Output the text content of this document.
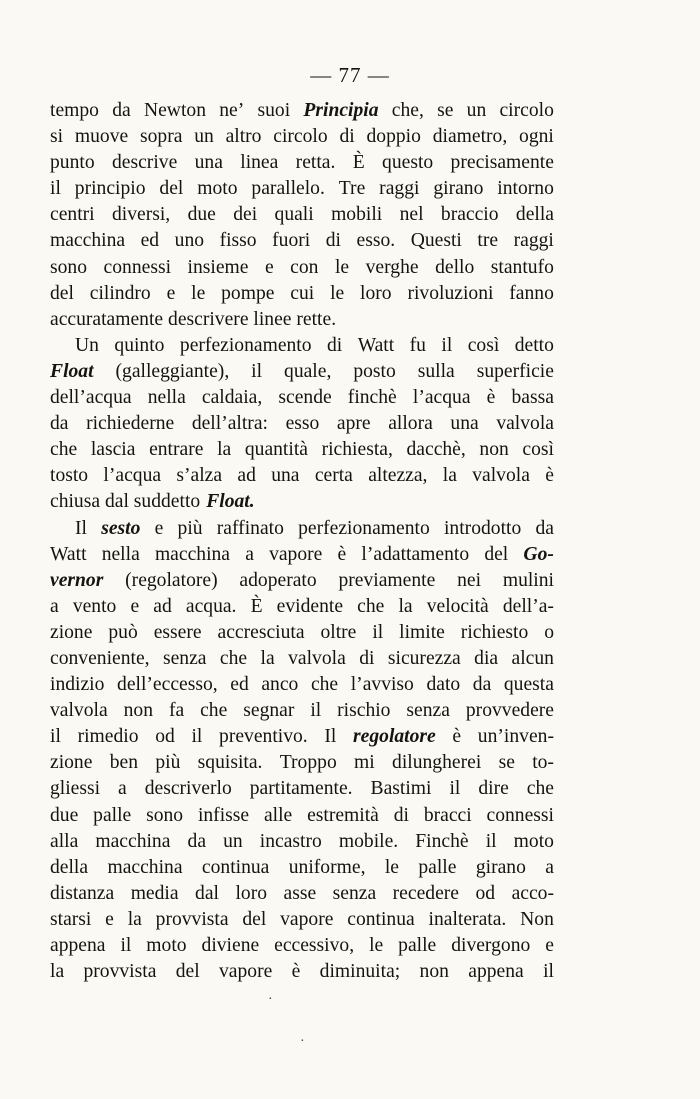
— 77 —
tempo da Newton ne’ suoi Principia che, se un circolo
si muove sopra un altro circolo di doppio diametro, ogni
punto descrive una linea retta. È questo precisamente
il principio del moto parallelo. Tre raggi girano intorno
centri diversi, due dei quali mobili nel braccio della
macchina ed uno fisso fuori di esso. Questi tre raggi
sono connessi insieme e con le verghe dello stantufo
del cilindro e le pompe cui le loro rivoluzioni fanno
accuratamente descrivere linee rette.
Un quinto perfezionamento di Watt fu il così detto
Float (galleggiante), il quale, posto sulla superficie
dell’acqua nella caldaia, scende finchè l’acqua è bassa
da richiederne dell’altra: esso apre allora una valvola
che lascia entrare la quantità richiesta, dacchè, non così
tosto l’acqua s’alza ad una certa altezza, la valvola è
chiusa dal suddetto Float.
Il sesto e più raffinato perfezionamento introdotto da
Watt nella macchina a vapore è l’adattamento del Go-
vernor (regolatore) adoperato previamente nei mulini
a vento e ad acqua. È evidente che la velocità dell’a-
zione può essere accresciuta oltre il limite richiesto o
conveniente, senza che la valvola di sicurezza dia alcun
indizio dell’eccesso, ed anco che l’avviso dato da questa
valvola non fa che segnar il rischio senza provvedere
il rimedio od il preventivo. Il regolatore è un’inven-
zione ben più squisita. Troppo mi dilungherei se to-
gliessi a descriverlo partitamente. Bastimi il dire che
due palle sono infisse alle estremità di bracci connessi
alla macchina da un incastro mobile. Finchè il moto
della macchina continua uniforme, le palle girano a
distanza media dal loro asse senza recedere od acco-
starsi e la provvista del vapore continua inalterata. Non
appena il moto diviene eccessivo, le palle divergono e
la provvista del vapore è diminuita; non appena il
·
·
